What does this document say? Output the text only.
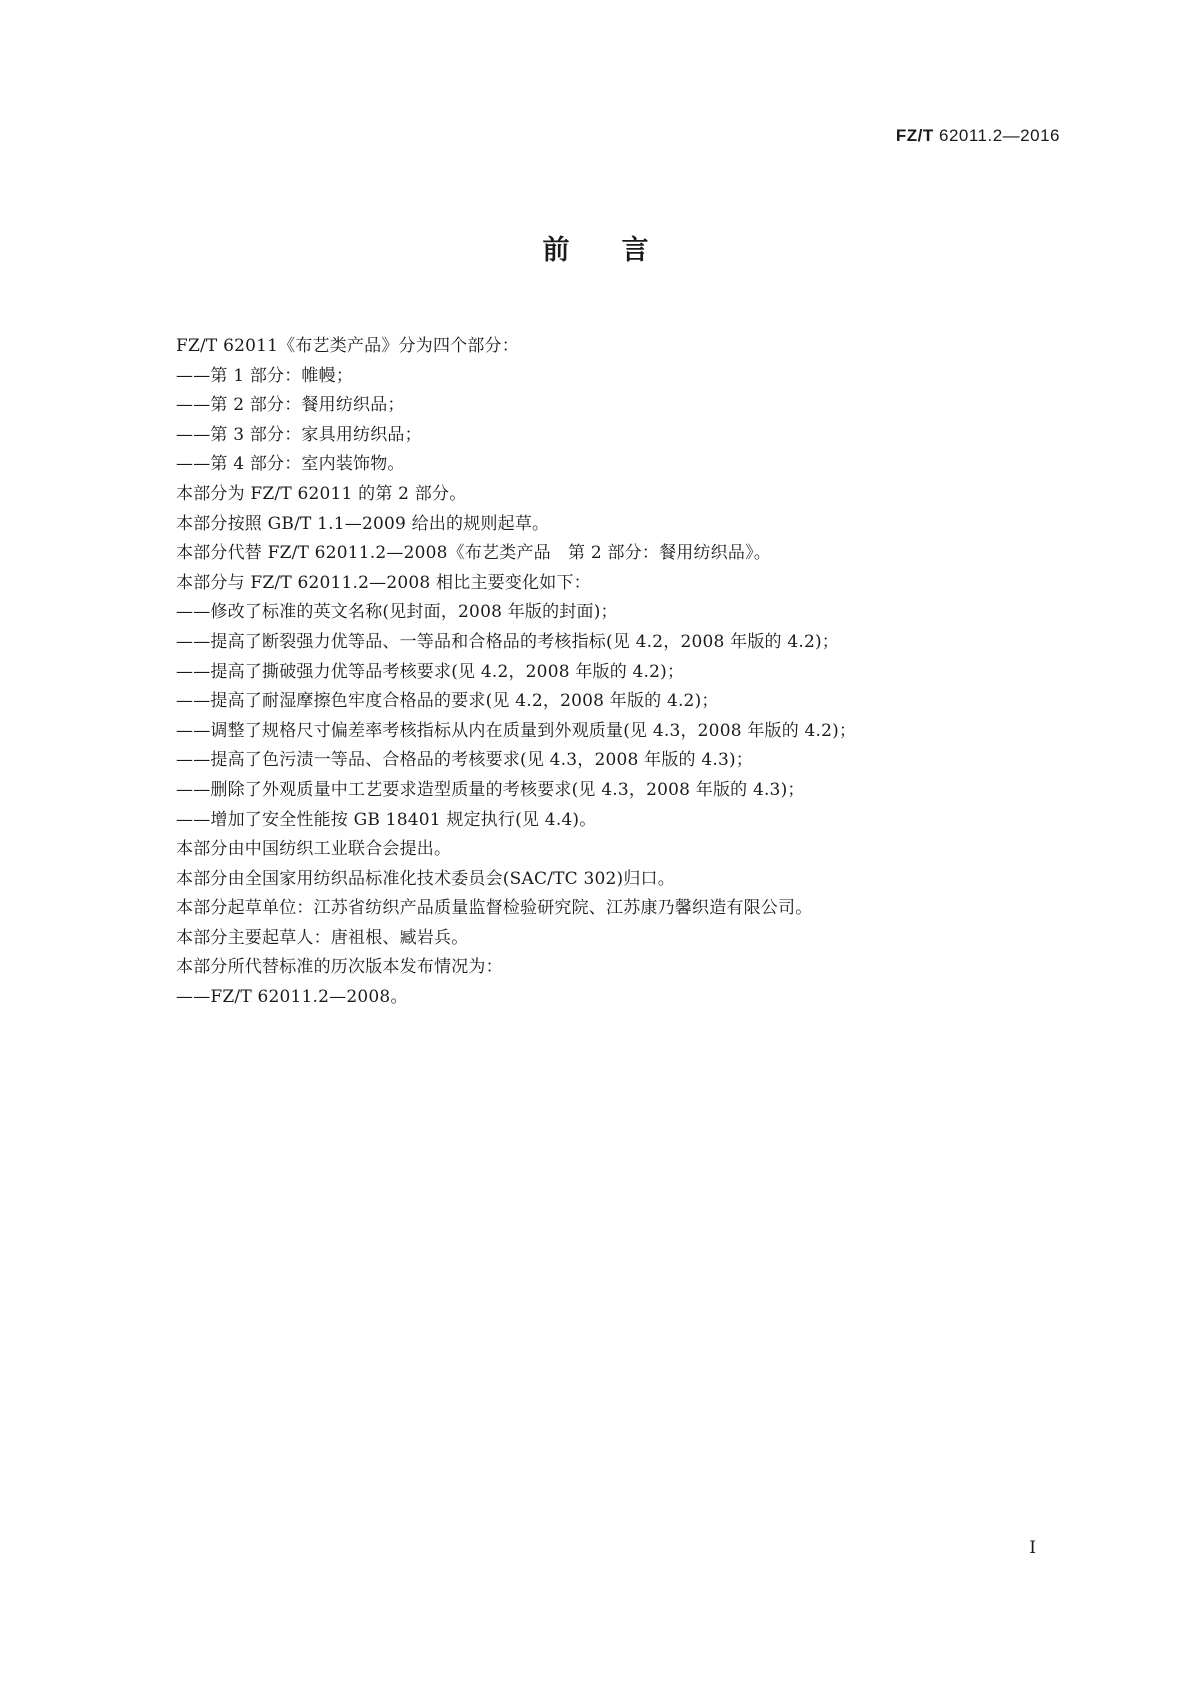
FZ/T 62011.2—2016

前言
FZ/T 62011《布艺类产品》分为四个部分：
——第 1 部分：帷幔；
——第 2 部分：餐用纺织品；
——第 3 部分：家具用纺织品；
——第 4 部分：室内装饰物。
本部分为 FZ/T 62011 的第 2 部分。
本部分按照 GB/T 1.1—2009 给出的规则起草。
本部分代替 FZ/T 62011.2—2008《布艺类产品　第 2 部分：餐用纺织品》。
本部分与 FZ/T 62011.2—2008 相比主要变化如下：
——修改了标准的英文名称(见封面，2008 年版的封面)；
——提高了断裂强力优等品、一等品和合格品的考核指标(见 4.2，2008 年版的 4.2)；
——提高了撕破强力优等品考核要求(见 4.2，2008 年版的 4.2)；
——提高了耐湿摩擦色牢度合格品的要求(见 4.2，2008 年版的 4.2)；
——调整了规格尺寸偏差率考核指标从内在质量到外观质量(见 4.3，2008 年版的 4.2)；
——提高了色污渍一等品、合格品的考核要求(见 4.3，2008 年版的 4.3)；
——删除了外观质量中工艺要求造型质量的考核要求(见 4.3，2008 年版的 4.3)；
——增加了安全性能按 GB 18401 规定执行(见 4.4)。
本部分由中国纺织工业联合会提出。
本部分由全国家用纺织品标准化技术委员会(SAC/TC 302)归口。
本部分起草单位：江苏省纺织产品质量监督检验研究院、江苏康乃馨织造有限公司。
本部分主要起草人：唐祖根、臧岩兵。
本部分所代替标准的历次版本发布情况为：
——FZ/T 62011.2—2008。

I
